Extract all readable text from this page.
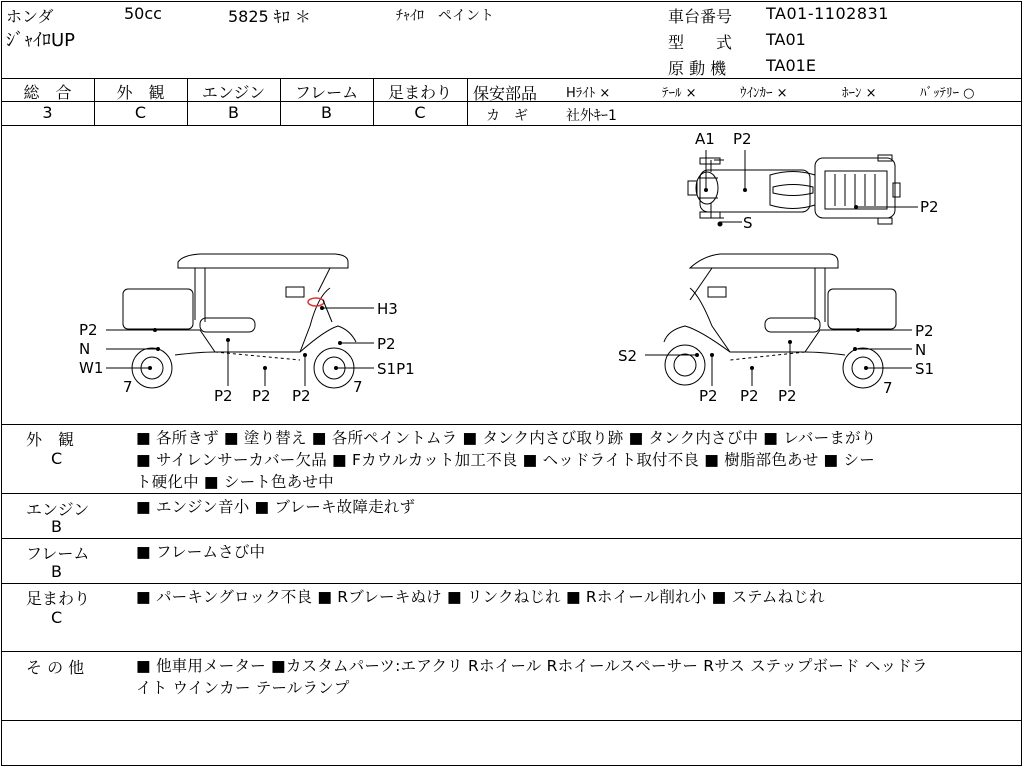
ホンダ	50cc	5825 ｷﾛ ＊	ﾁｬｲﾛ　ペイント
ｼﾞｬｲﾛUP
車台番号 TA01-1102831
型　　式 TA01
原 動 機 TA01E
総　合
3
外　観
C
エンジン
B
フレーム
B
足まわり
C
保安部品 Hﾗｲﾄ ×	ﾃｰﾙ ×	ｳｲﾝｶｰ ×	ﾎｰﾝ ×	ﾊﾞｯﾃﾘｰ ○
カ　ギ	社外ｷｰ1
A1 P2
P2
S
P2
N
W1
7
H3
P2
S1P1
7
P2 P2 P2
S2
P2
N
S1
7
P2 P2 P2
外　観
C
■ 各所きず ■ 塗り替え ■ 各所ペイントムラ ■ タンク内さび取り跡 ■ タンク内さび中 ■ レバーまがり
■ サイレンサーカバー欠品 ■ Fカウルカット加工不良 ■ ヘッドライト取付不良 ■ 樹脂部色あせ ■ シー
ト硬化中 ■ シート色あせ中
エンジン
B
■ エンジン音小 ■ ブレーキ故障走れず
フレーム
B
■ フレームさび中
足まわり
C
■ パーキングロック不良 ■ Rブレーキぬけ ■ リンクねじれ ■ Rホイール削れ小 ■ ステムねじれ
そ の 他	■ 他車用メーター ■カスタムパーツ:エアクリ Rホイール Rホイールスペーサー Rサス ステップボード ヘッドラ
イト ウインカー テールランプ
